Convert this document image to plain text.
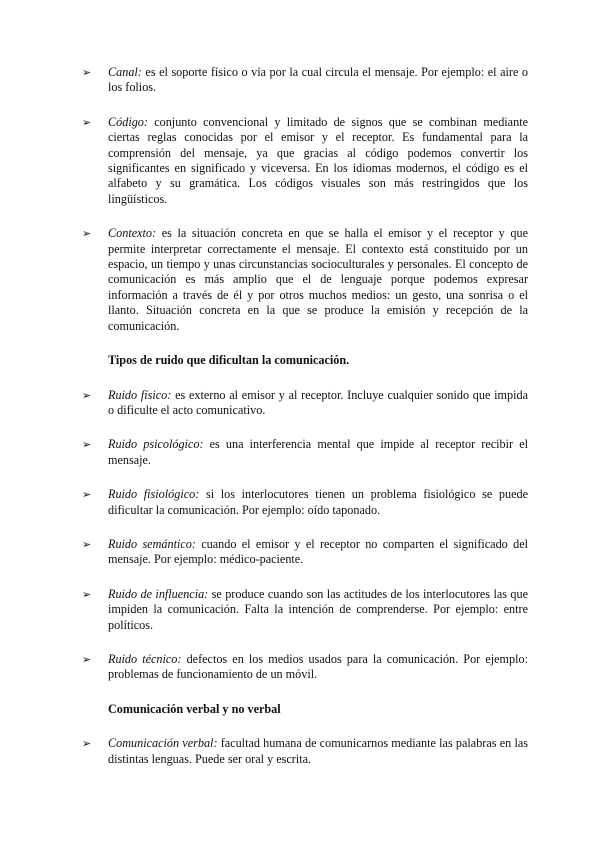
➢	Canal: es el soporte físico o vía por la cual circula el mensaje. Por ejemplo: el aire o los folios.
➢	Código: conjunto convencional y limitado de signos que se combinan mediante ciertas reglas conocidas por el emisor y el receptor. Es fundamental para la comprensión del mensaje, ya que gracias al código podemos convertir los significantes en significado y viceversa. En los idiomas modernos, el código es el alfabeto y su gramática. Los códigos visuales son más restringidos que los lingüísticos.
➢	Contexto: es la situación concreta en que se halla el emisor y el receptor y que permite interpretar correctamente el mensaje. El contexto está constituido por un espacio, un tiempo y unas circunstancias socioculturales y personales. El concepto de comunicación es más amplio que el de lenguaje porque podemos expresar información a través de él y por otros muchos medios: un gesto, una sonrisa o el llanto. Situación concreta en la que se produce la emisión y recepción de la comunicación.
Tipos de ruido que dificultan la comunicación.
➢	Ruido físico: es externo al emisor y al receptor. Incluye cualquier sonido que impida o dificulte el acto comunicativo.
➢	Ruido psicológico: es una interferencia mental que impide al receptor recibir el mensaje.
➢	Ruido fisiológico: si los interlocutores tienen un problema fisiológico se puede dificultar la comunicación. Por ejemplo: oído taponado.
➢	Ruido semántico: cuando el emisor y el receptor no comparten el significado del mensaje. Por ejemplo: médico-paciente.
➢	Ruido de influencia: se produce cuando son las actitudes de los interlocutores las que impiden la comunicación. Falta la intención de comprenderse. Por ejemplo: entre políticos.
➢	Ruido técnico: defectos en los medios usados para la comunicación. Por ejemplo: problemas de funcionamiento de un móvil.
Comunicación verbal y no verbal
➢	Comunicación verbal: facultad humana de comunicarnos mediante las palabras en las distintas lenguas. Puede ser oral y escrita.
